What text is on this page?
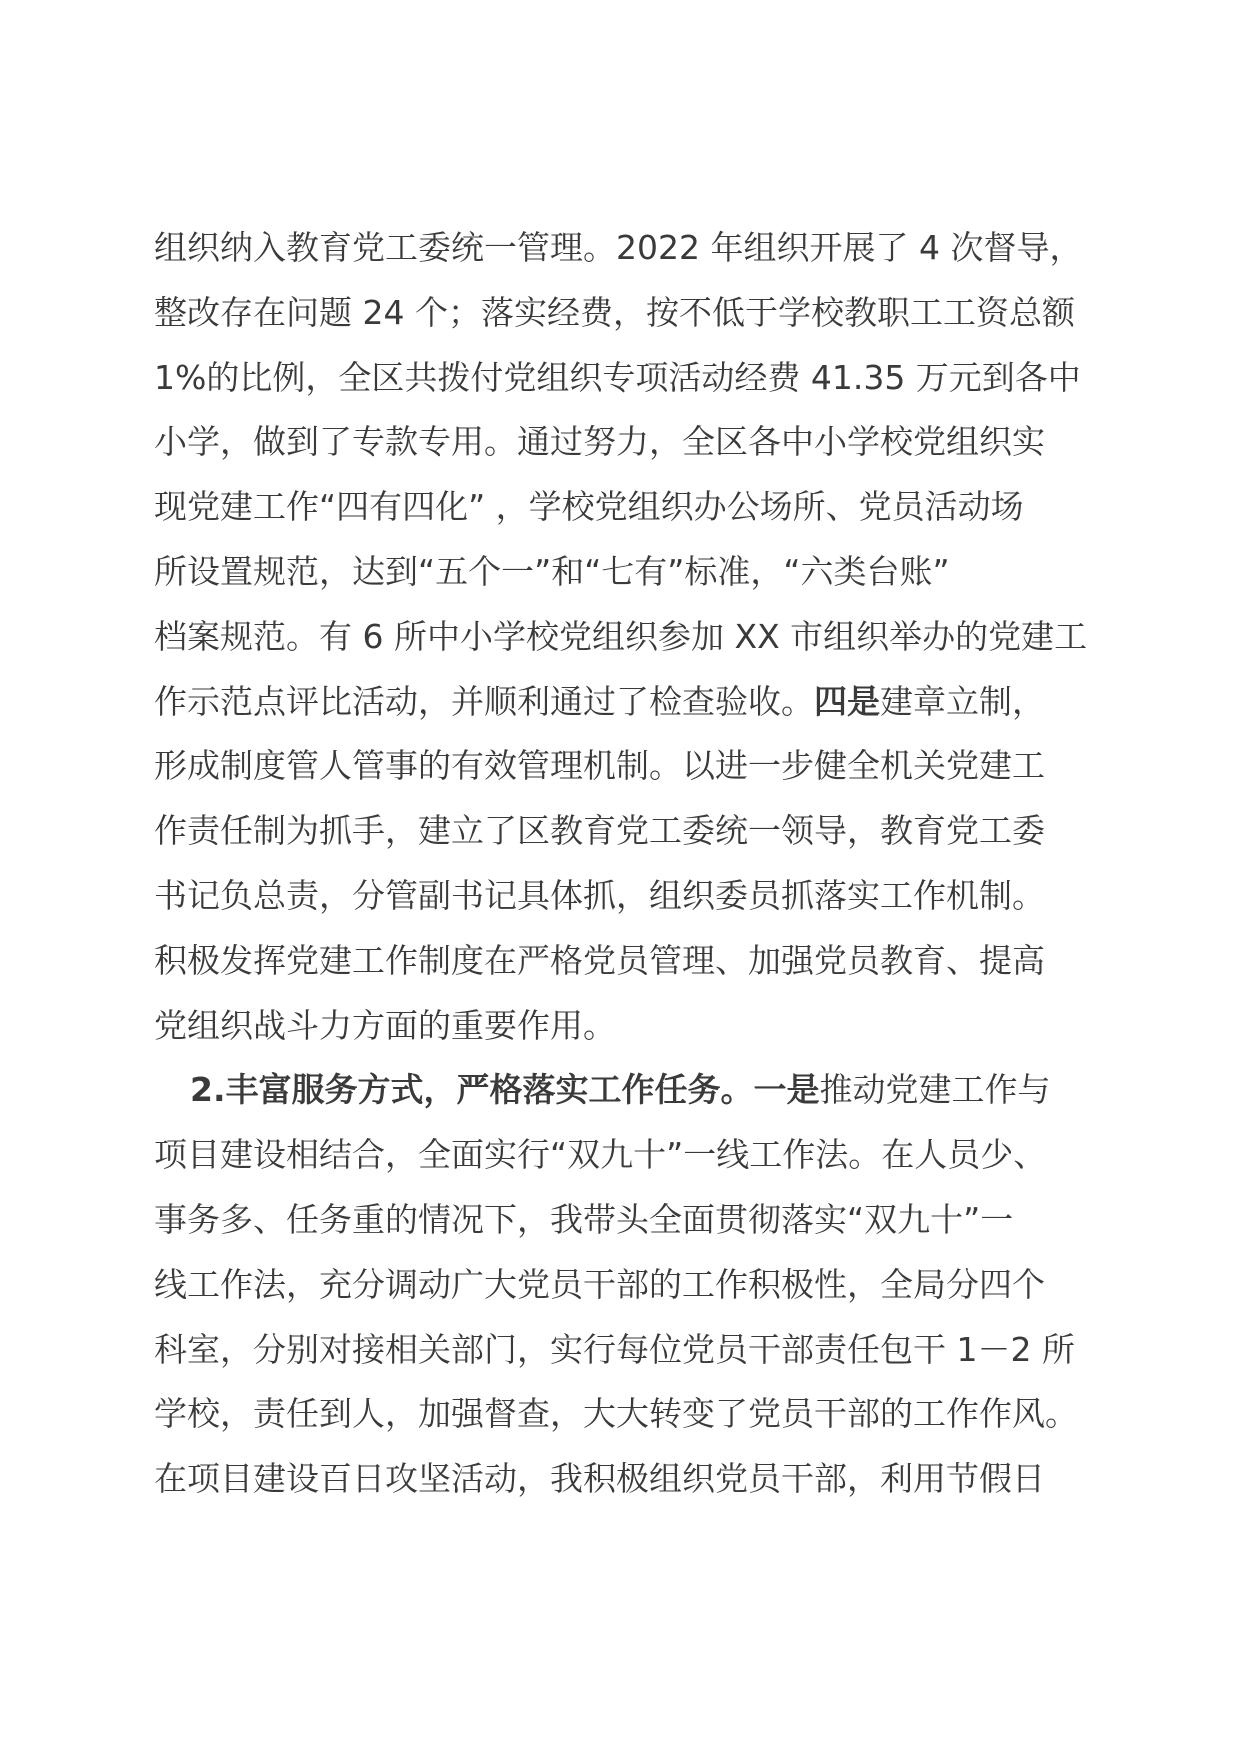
组织纳入教育党工委统一管理。2022 年组织开展了 4 次督导，
整改存在问题 24 个；落实经费，按不低于学校教职工工资总额
1%的比例，全区共拨付党组织专项活动经费 41.35 万元到各中
小学，做到了专款专用。通过努力，全区各中小学校党组织实
现党建工作“四有四化” ，学校党组织办公场所、党员活动场
所设置规范，达到“五个一”和“七有”标准，“六类台账”
档案规范。有 6 所中小学校党组织参加 XX 市组织举办的党建工
作示范点评比活动，并顺利通过了检查验收。四是建章立制，
形成制度管人管事的有效管理机制。以进一步健全机关党建工
作责任制为抓手，建立了区教育党工委统一领导，教育党工委
书记负总责，分管副书记具体抓，组织委员抓落实工作机制。
积极发挥党建工作制度在严格党员管理、加强党员教育、提高
党组织战斗力方面的重要作用。
2.丰富服务方式，严格落实工作任务。一是推动党建工作与
项目建设相结合，全面实行“双九十”一线工作法。在人员少、
事务多、任务重的情况下，我带头全面贯彻落实“双九十”一
线工作法，充分调动广大党员干部的工作积极性，全局分四个
科室，分别对接相关部门，实行每位党员干部责任包干 1－2 所
学校，责任到人，加强督查，大大转变了党员干部的工作作风。
在项目建设百日攻坚活动，我积极组织党员干部，利用节假日
